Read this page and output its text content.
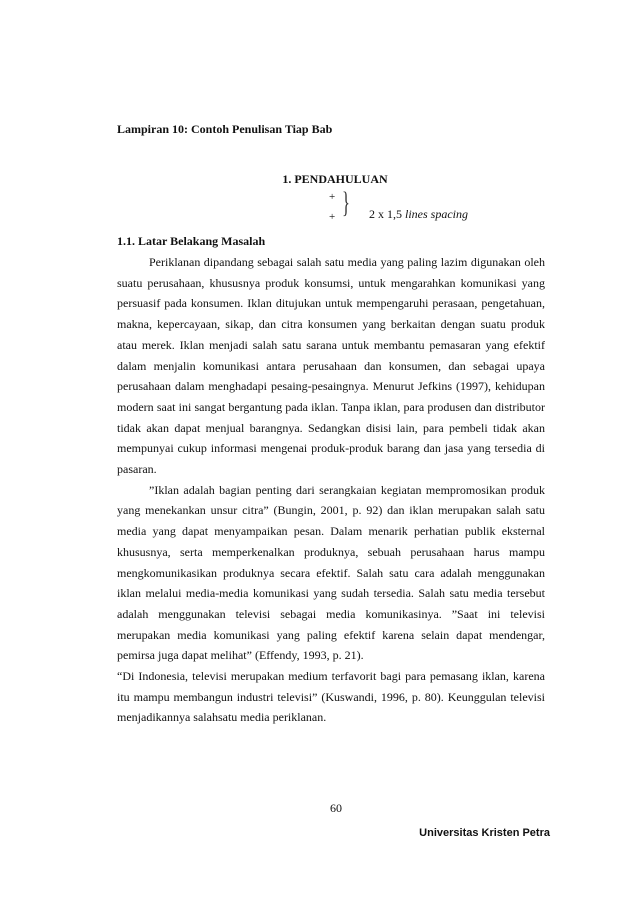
Lampiran 10: Contoh Penulisan Tiap Bab
1. PENDAHULUAN
+
+ } 2 x 1,5 lines spacing
1.1. Latar Belakang Masalah

Periklanan dipandang sebagai salah satu media yang paling lazim digunakan oleh suatu perusahaan, khususnya produk konsumsi, untuk mengarahkan komunikasi yang persuasif pada konsumen. Iklan ditujukan untuk mempengaruhi perasaan, pengetahuan, makna, kepercayaan, sikap, dan citra konsumen yang berkaitan dengan suatu produk atau merek. Iklan menjadi salah satu sarana untuk membantu pemasaran yang efektif dalam menjalin komunikasi antara perusahaan dan konsumen, dan sebagai upaya perusahaan dalam menghadapi pesaing-pesaingnya. Menurut Jefkins (1997), kehidupan modern saat ini sangat bergantung pada iklan. Tanpa iklan, para produsen dan distributor tidak akan dapat menjual barangnya. Sedangkan disisi lain, para pembeli tidak akan mempunyai cukup informasi mengenai produk-produk barang dan jasa yang tersedia di pasaran.

”Iklan adalah bagian penting dari serangkaian kegiatan mempromosikan produk yang menekankan unsur citra” (Bungin, 2001, p. 92) dan iklan merupakan salah satu media yang dapat menyampaikan pesan. Dalam menarik perhatian publik eksternal khususnya, serta memperkenalkan produknya, sebuah perusahaan harus mampu mengkomunikasikan produknya secara efektif. Salah satu cara adalah menggunakan iklan melalui media-media komunikasi yang sudah tersedia. Salah satu media tersebut adalah menggunakan televisi sebagai media komunikasinya. ”Saat ini televisi merupakan media komunikasi yang paling efektif karena selain dapat mendengar, pemirsa juga dapat melihat” (Effendy, 1993, p. 21).

“Di Indonesia, televisi merupakan medium terfavorit bagi para pemasang iklan, karena itu mampu membangun industri televisi” (Kuswandi, 1996, p. 80). Keunggulan televisi menjadikannya salahsatu media periklanan.

60
Universitas Kristen Petra
